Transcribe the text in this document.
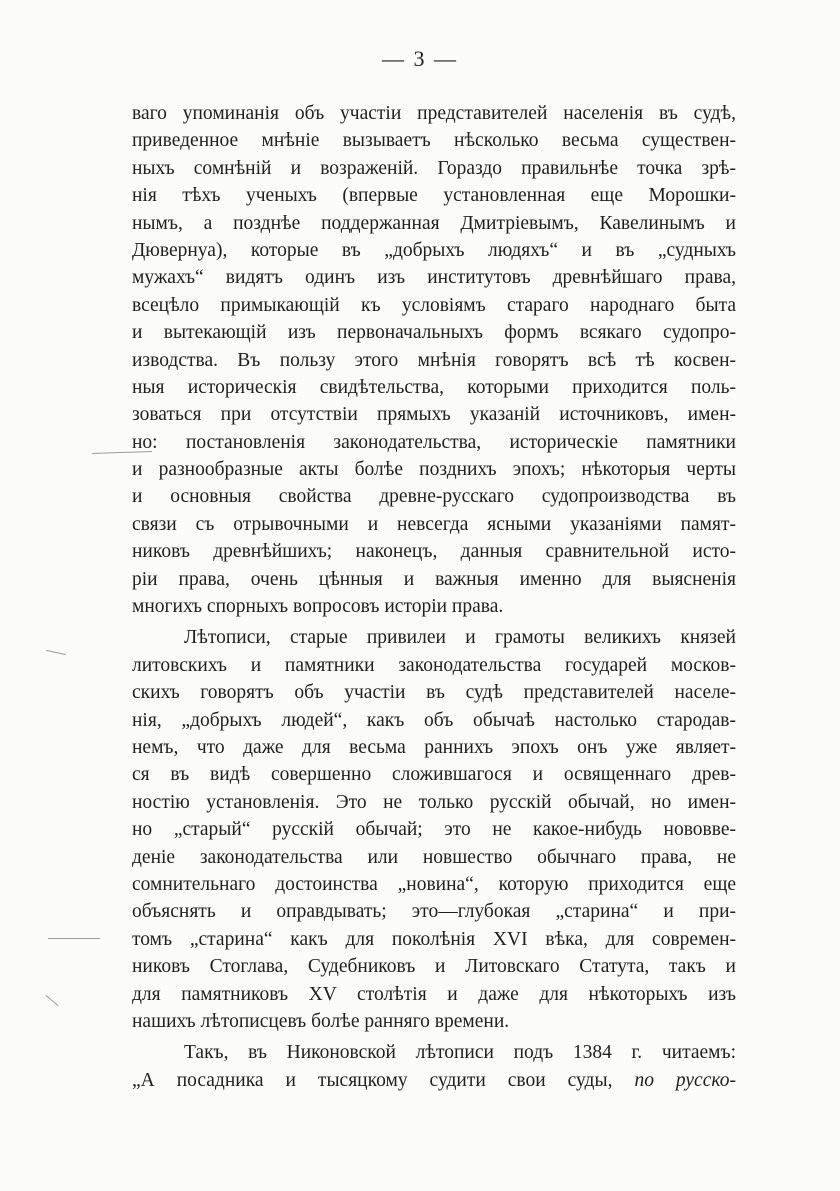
— 3 —
ваго упоминанія объ участіи представителей населенія въ судѣ,
приведенное мнѣніе вызываетъ нѣсколько весьма существен-
ныхъ сомнѣній и возраженій. Гораздо правильнѣе точка зрѣ-
нія тѣхъ ученыхъ (впервые установленная еще Морошки-
нымъ, а позднѣе поддержанная Дмитріевымъ, Кавелинымъ и
Дювернуа), которые въ „добрыхъ людяхъ“ и въ „судныхъ
мужахъ“ видятъ одинъ изъ институтовъ древнѣйшаго права,
всецѣло примыкающій къ условіямъ стараго народнаго быта
и вытекающій изъ первоначальныхъ формъ всякаго судопро-
изводства. Въ пользу этого мнѣнія говорятъ всѣ тѣ косвен-
ныя историческія свидѣтельства, которыми приходится поль-
зоваться при отсутствіи прямыхъ указаній источниковъ, имен-
но: постановленія законодательства, историческіе памятники
и разнообразные акты болѣе позднихъ эпохъ; нѣкоторыя черты
и основныя свойства древне-русскаго судопроизводства въ
связи съ отрывочными и невсегда ясными указаніями памят-
никовъ древнѣйшихъ; наконецъ, данныя сравнительной исто-
ріи права, очень цѣнныя и важныя именно для выясненія
многихъ спорныхъ вопросовъ исторіи права.
Лѣтописи, старые привилеи и грамоты великихъ князей
литовскихъ и памятники законодательства государей москов-
скихъ говорятъ объ участіи въ судѣ представителей населе-
нія, „добрыхъ людей“, какъ объ обычаѣ настолько стародав-
немъ, что даже для весьма раннихъ эпохъ онъ уже являет-
ся въ видѣ совершенно сложившагося и освященнаго древ-
ностію установленія. Это не только русскій обычай, но имен-
но „старый“ русскій обычай; это не какое-нибудь нововве-
деніе законодательства или новшество обычнаго права, не
сомнительнаго достоинства „новина“, которую приходится еще
объяснять и оправдывать; это—глубокая „старина“ и при-
томъ „старина“ какъ для поколѣнія XVI вѣка, для современ-
никовъ Стоглава, Судебниковъ и Литовскаго Статута, такъ и
для памятниковъ XV столѣтія и даже для нѣкоторыхъ изъ
нашихъ лѣтописцевъ болѣе ранняго времени.
Такъ, въ Никоновской лѣтописи подъ 1384 г. читаемъ:
„А посадника и тысяцкому судити свои суды, по русско-
